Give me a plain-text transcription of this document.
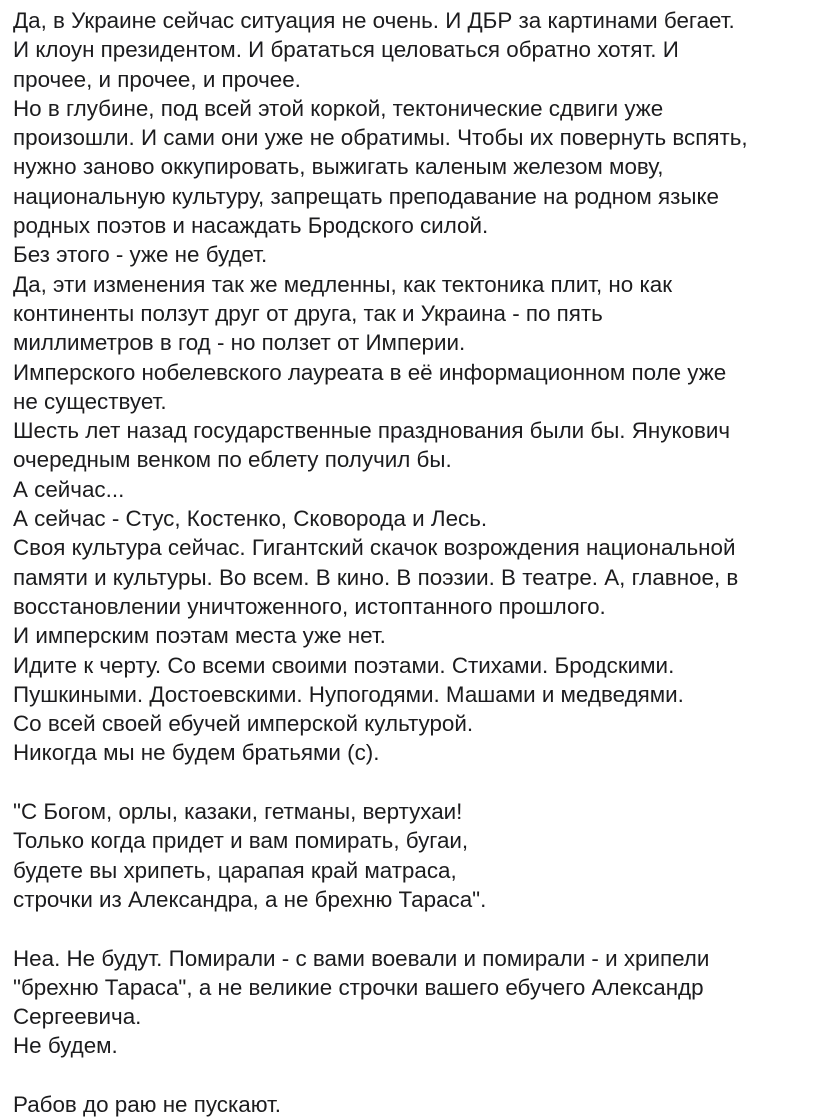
Да, в Украине сейчас ситуация не очень. И ДБР за картинами бегает.
И клоун президентом. И брататься целоваться обратно хотят. И
прочее, и прочее, и прочее.
Но в глубине, под всей этой коркой, тектонические сдвиги уже
произошли. И сами они уже не обратимы. Чтобы их повернуть вспять,
нужно заново оккупировать, выжигать каленым железом мову,
национальную культуру, запрещать преподавание на родном языке
родных поэтов и насаждать Бродского силой.
Без этого - уже не будет.
Да, эти изменения так же медленны, как тектоника плит, но как
континенты ползут друг от друга, так и Украина - по пять
миллиметров в год - но ползет от Империи.
Имперского нобелевского лауреата в её информационном поле уже
не существует.
Шесть лет назад государственные празднования были бы. Янукович
очередным венком по еблету получил бы.
А сейчас...
А сейчас - Стус, Костенко, Сковорода и Лесь.
Своя культура сейчас. Гигантский скачок возрождения национальной
памяти и культуры. Во всем. В кино. В поэзии. В театре. А, главное, в
восстановлении уничтоженного, истоптанного прошлого.
И имперским поэтам места уже нет.
Идите к черту. Со всеми своими поэтами. Стихами. Бродскими.
Пушкиными. Достоевскими. Нупогодями. Машами и медведями.
Со всей своей ебучей имперской культурой.
Никогда мы не будем братьями (с).
"С Богом, орлы, казаки, гетманы, вертухаи!
Только когда придет и вам помирать, бугаи,
будете вы хрипеть, царапая край матраса,
строчки из Александра, а не брехню Тараса".
Неа. Не будут. Помирали - с вами воевали и помирали - и хрипели
"брехню Тараса", а не великие строчки вашего ебучего Александр
Сергеевича.
Не будем.
Рабов до раю не пускают.
